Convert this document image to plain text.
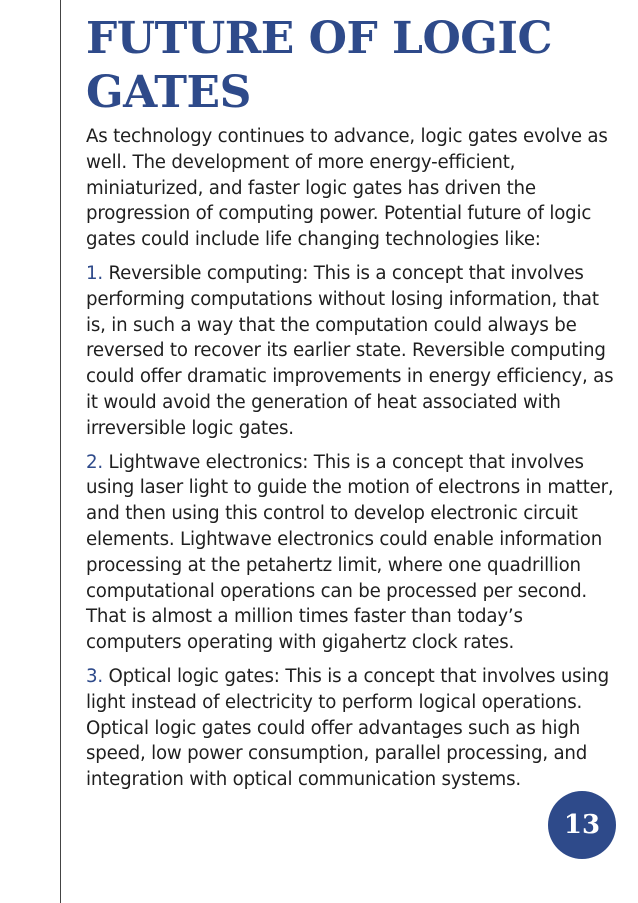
FUTURE OF LOGIC GATES

As technology continues to advance, logic gates evolve as well. The development of more energy-efficient, miniaturized, and faster logic gates has driven the progression of computing power. Potential future of logic gates could include life changing technologies like:

1. Reversible computing: This is a concept that involves performing computations without losing information, that is, in such a way that the computation could always be reversed to recover its earlier state. Reversible computing could offer dramatic improvements in energy efficiency, as it would avoid the generation of heat associated with irreversible logic gates.

2. Lightwave electronics: This is a concept that involves using laser light to guide the motion of electrons in matter, and then using this control to develop electronic circuit elements. Lightwave electronics could enable information processing at the petahertz limit, where one quadrillion computational operations can be processed per second. That is almost a million times faster than today’s computers operating with gigahertz clock rates.

3. Optical logic gates: This is a concept that involves using light instead of electricity to perform logical operations. Optical logic gates could offer advantages such as high speed, low power consumption, parallel processing, and integration with optical communication systems.

13
